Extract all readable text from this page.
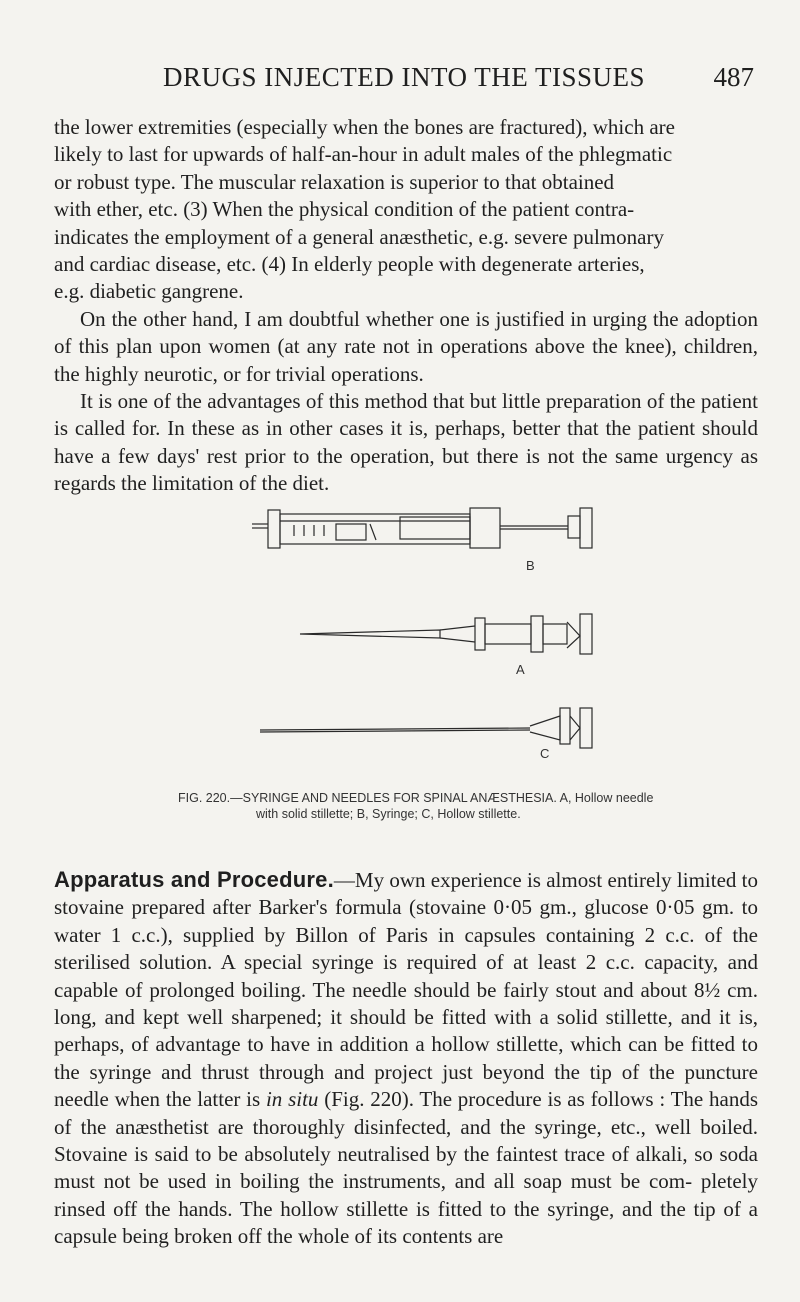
DRUGS INJECTED INTO THE TISSUES	487

the lower extremities (especially when the bones are fractured), which are
likely to last for upwards of half-an-hour in adult males of the phlegmatic
or robust type. The muscular relaxation is superior to that obtained
with ether, etc. (3) When the physical condition of the patient contra-
indicates the employment of a general anæsthetic, e.g. severe pulmonary
and cardiac disease, etc. (4) In elderly people with degenerate arteries,
e.g. diabetic gangrene.

On the other hand, I am doubtful whether one is justified in urging the adoption of this plan upon women (at any rate not in operations above the knee), children, the highly neurotic, or for trivial operations.

It is one of the advantages of this method that but little preparation of the patient is called for. In these as in other cases it is, perhaps, better that the patient should have a few days' rest prior to the operation, but there is not the same urgency as regards the limitation of the diet.

B
A
C
FIG. 220.—SYRINGE AND NEEDLES FOR SPINAL ANÆSTHESIA. A, Hollow needle
with solid stillette; B, Syringe; C, Hollow stillette.

Apparatus and Procedure.—My own experience is almost entirely limited to stovaine prepared after Barker's formula (stovaine 0·05 gm., glucose 0·05 gm. to water 1 c.c.), supplied by Billon of Paris in capsules containing 2 c.c. of the sterilised solution. A special syringe is required of at least 2 c.c. capacity, and capable of prolonged boiling. The needle should be fairly stout and about 8½ cm. long, and kept well sharpened; it should be fitted with a solid stillette, and it is, perhaps, of advantage to have in addition a hollow stillette, which can be fitted to the syringe and thrust through and project just beyond the tip of the puncture needle when the latter is in situ (Fig. 220). The procedure is as follows : The hands of the anæsthetist are thoroughly disinfected, and the syringe, etc., well boiled. Stovaine is said to be absolutely neutralised by the faintest trace of alkali, so soda must not be used in boiling the instruments, and all soap must be com- pletely rinsed off the hands. The hollow stillette is fitted to the syringe, and the tip of a capsule being broken off the whole of its contents are
